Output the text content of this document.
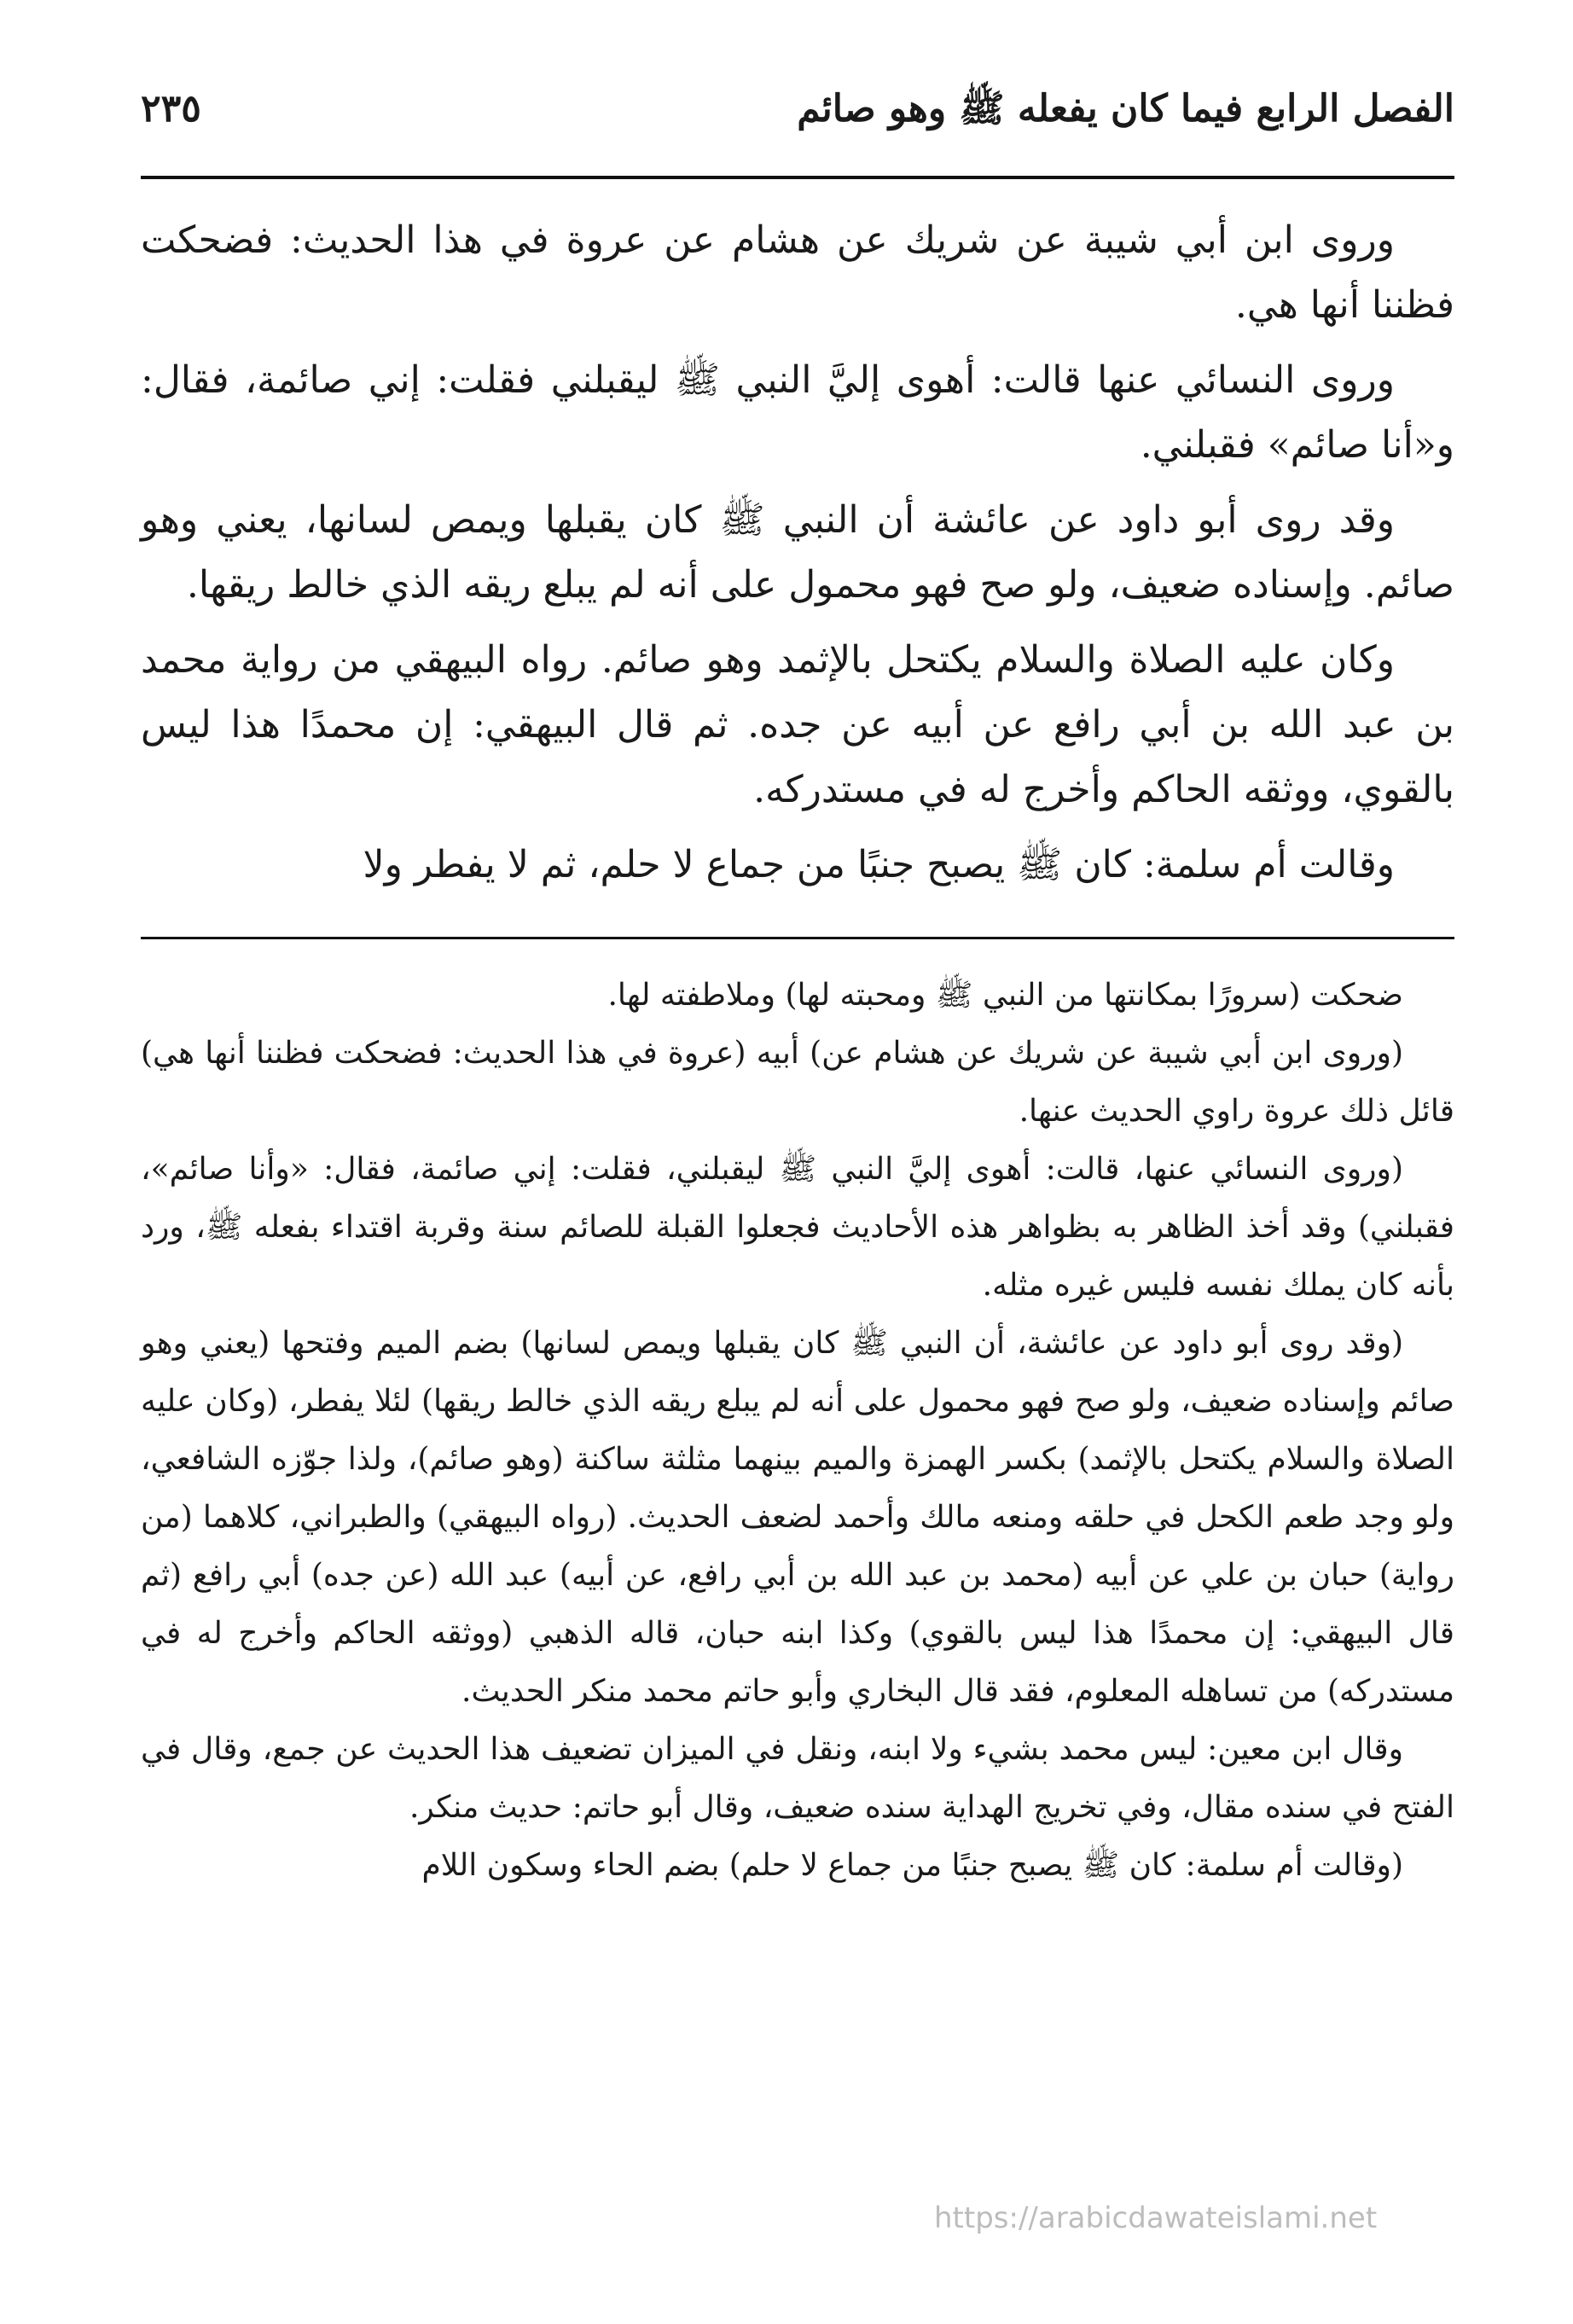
الفصل الرابع فيما كان يفعله ﷺ وهو صائم
٢٣٥

وروى ابن أبي شيبة عن شريك عن هشام عن عروة في هذا الحديث: فضحكت فظننا أنها هي.

وروى النسائي عنها قالت: أهوى إليَّ النبي ﷺ ليقبلني فقلت: إني صائمة، فقال: و«أنا صائم» فقبلني.

وقد روى أبو داود عن عائشة أن النبي ﷺ كان يقبلها ويمص لسانها، يعني وهو صائم. وإسناده ضعيف، ولو صح فهو محمول على أنه لم يبلع ريقه الذي خالط ريقها.

وكان عليه الصلاة والسلام يكتحل بالإثمد وهو صائم. رواه البيهقي من رواية محمد بن عبد الله بن أبي رافع عن أبيه عن جده. ثم قال البيهقي: إن محمدًا هذا ليس بالقوي، ووثقه الحاكم وأخرج له في مستدركه.

وقالت أم سلمة: كان ﷺ يصبح جنبًا من جماع لا حلم، ثم لا يفطر ولا

ضحكت (سرورًا بمكانتها من النبي ﷺ ومحبته لها) وملاطفته لها.

(وروى ابن أبي شيبة عن شريك عن هشام عن) أبيه (عروة في هذا الحديث: فضحكت فظننا أنها هي) قائل ذلك عروة راوي الحديث عنها.

(وروى النسائي عنها، قالت: أهوى إليَّ النبي ﷺ ليقبلني، فقلت: إني صائمة، فقال: «وأنا صائم»، فقبلني) وقد أخذ الظاهر به بظواهر هذه الأحاديث فجعلوا القبلة للصائم سنة وقربة اقتداء بفعله ﷺ، ورد بأنه كان يملك نفسه فليس غيره مثله.

(وقد روى أبو داود عن عائشة، أن النبي ﷺ كان يقبلها ويمص لسانها) بضم الميم وفتحها (يعني وهو صائم وإسناده ضعيف، ولو صح فهو محمول على أنه لم يبلع ريقه الذي خالط ريقها) لئلا يفطر، (وكان عليه الصلاة والسلام يكتحل بالإثمد) بكسر الهمزة والميم بينهما مثلثة ساكنة (وهو صائم)، ولذا جوّزه الشافعي، ولو وجد طعم الكحل في حلقه ومنعه مالك وأحمد لضعف الحديث. (رواه البيهقي) والطبراني، كلاهما (من رواية) حبان بن علي عن أبيه (محمد بن عبد الله بن أبي رافع، عن أبيه) عبد الله (عن جده) أبي رافع (ثم قال البيهقي: إن محمدًا هذا ليس بالقوي) وكذا ابنه حبان، قاله الذهبي (ووثقه الحاكم وأخرج له في مستدركه) من تساهله المعلوم، فقد قال البخاري وأبو حاتم محمد منكر الحديث.

وقال ابن معين: ليس محمد بشيء ولا ابنه، ونقل في الميزان تضعيف هذا الحديث عن جمع، وقال في الفتح في سنده مقال، وفي تخريج الهداية سنده ضعيف، وقال أبو حاتم: حديث منكر.

(وقالت أم سلمة: كان ﷺ يصبح جنبًا من جماع لا حلم) بضم الحاء وسكون اللام

https://arabicdawateislami.net
